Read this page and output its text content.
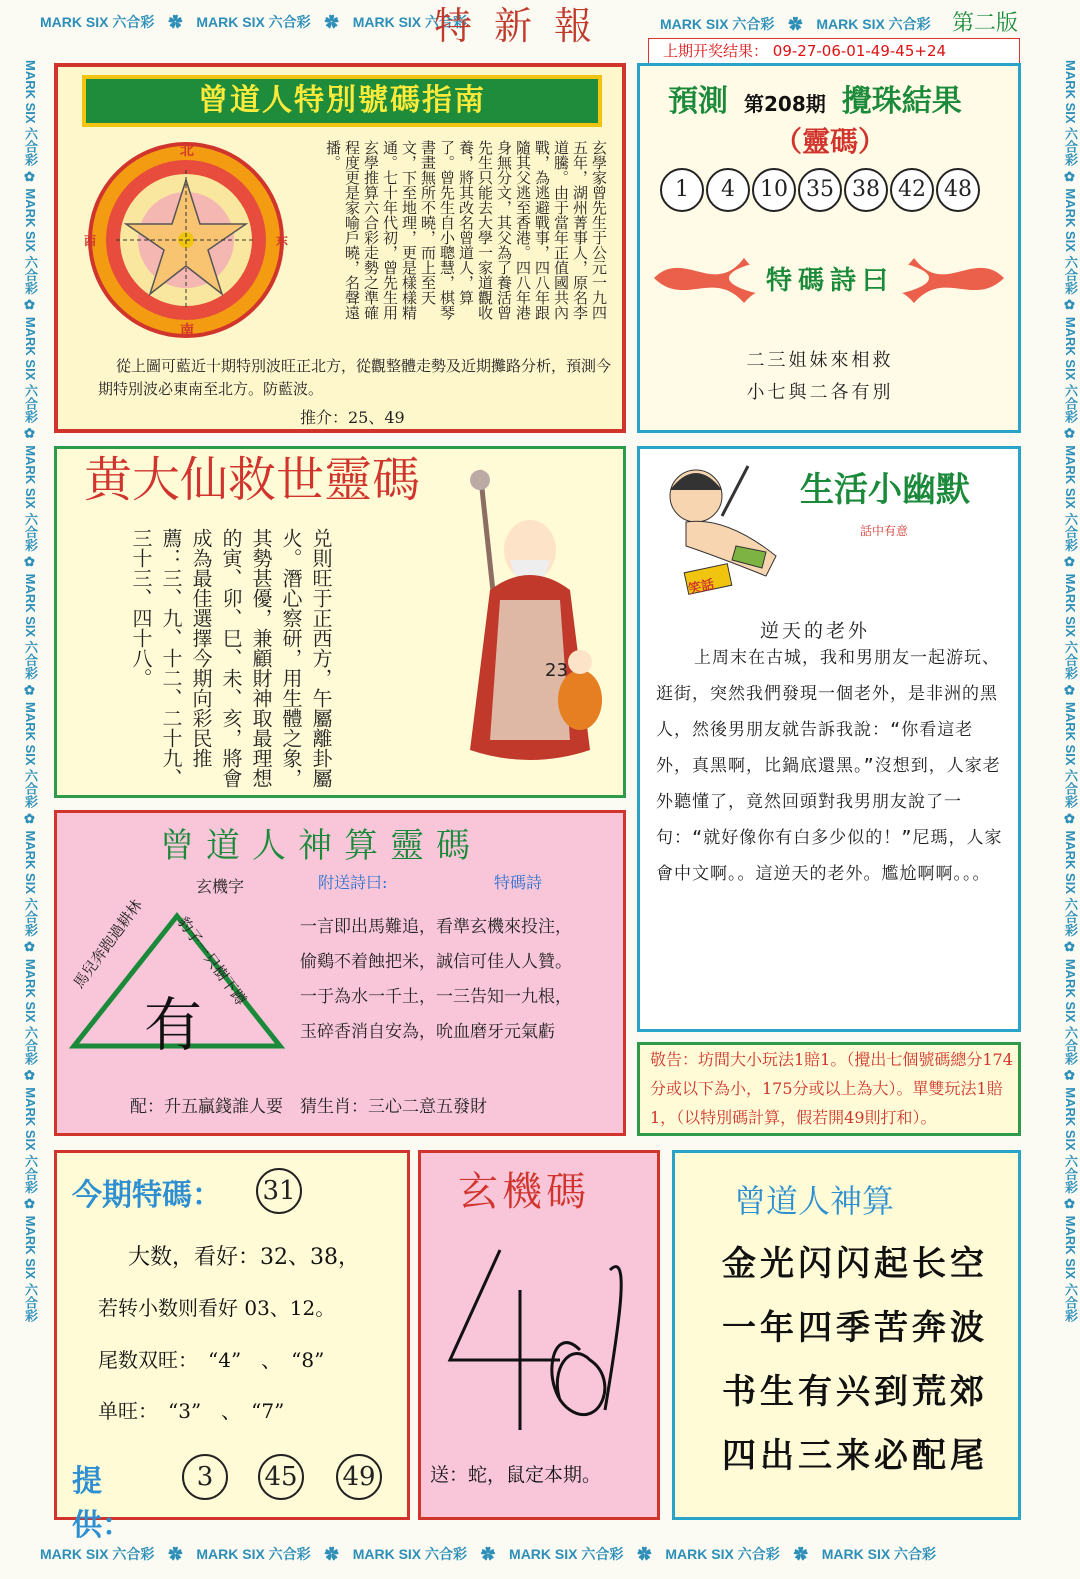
MARK SIX 六合彩　✿　MARK SIX 六合彩　✿　MARK SIX 六合彩	MARK SIX 六合彩　✿　MARK SIX 六合彩
MARK SIX 六合彩　✿　MARK SIX 六合彩　✿　MARK SIX 六合彩　✿　MARK SIX 六合彩　✿　MARK SIX 六合彩　✿　MARK SIX 六合彩
MARK SIX 六合彩 ✿ MARK SIX 六合彩 ✿ MARK SIX 六合彩 ✿ MARK SIX 六合彩 ✿ MARK SIX 六合彩 ✿ MARK SIX 六合彩 ✿ MARK SIX 六合彩 ✿ MARK SIX 六合彩 ✿ MARK SIX 六合彩 ✿ MARK SIX 六合彩
MARK SIX 六合彩 ✿ MARK SIX 六合彩 ✿ MARK SIX 六合彩 ✿ MARK SIX 六合彩 ✿ MARK SIX 六合彩 ✿ MARK SIX 六合彩 ✿ MARK SIX 六合彩 ✿ MARK SIX 六合彩 ✿ MARK SIX 六合彩 ✿ MARK SIX 六合彩
特新報	第二版
上期开奖结果： 09-27-06-01-49-45+24
曾道人特別號碼指南
北
南
东
西	玄學家曾先生于公元一九四五年，湖州菁事人，原名李道騰。由于當年正值國共內戰，為逃避戰事，四八年跟隨其父逃至香港。四八年港身無分文，其父為了養活曾先生只能去大學一家道觀收養，將其改名曾道人，算了。曾先生自小聰慧，棋琴書畫無所不曉，而上至天文，下至地理，更是樣樣精通。七十年代初，曾先生用玄學推算六合彩走勢之準確程度更是家喻戶曉，名聲遠播。
從上圖可藍近十期特別波旺正北方，從觀整體走勢及近期攤路分析，預測今期特別波必東南至北方。防藍波。
推介：25、49
預測 第208期 攪珠結果
（靈碼）
1	4	10 35 38 42 48
特碼詩曰
二三姐妹來相救
小七與二各有別
黄大仙救世靈碼
兑則旺于正西方，午屬離卦屬火。潛心察研，用生體之象，其勢甚優，兼顧財神取最理想的寅、卯、巳、未、亥，將會成為最佳選擇今期向彩民推薦：三、九、十二、二十九、三十三、四十八。	23
笑話
生活小幽默
話中有意
逆天的老外
上周末在古城，我和男朋友一起游玩、逛街，突然我們發現一個老外，是非洲的黑人，然後男朋友就告訴我說：“你看這老外，真黑啊，比鍋底還黑。”沒想到，人家老外聽懂了，竟然回頭對我男朋友說了一句：“就好像你有白多少似的！”尼瑪，人家會中文啊。。這逆天的老外。尷尬啊啊。。。
曾道人神算靈碼
玄機字	附送詩曰:	特碼詩
馬兒奔跑過耕林	豹子一只樹下蹲
有
一言即出馬難追，看準玄機來投注，
偷鷄不着蝕把米，誠信可佳人人贊。
一于為水一千土，一三告知一九根，
玉碎香消自安為，吮血磨牙元氣虧
配：升五贏錢誰人要　猜生肖：三心二意五發財
敬告：坊間大小玩法1賠1。（攪出七個號碼總分174分或以下為小，175分或以上為大）。單雙玩法1賠1，（以特別碼計算，假若開49則打和）。
今期特碼：	31
大数，看好：32、38，
若转小数则看好 03、12。
尾数双旺：　“4”　、　“8”
单旺：　“3”　、　“7”
提供：
3	45 49
玄機碼
送：蛇，鼠定本期。
曾道人神算
金光闪闪起长空
一年四季苦奔波
书生有兴到荒郊
四出三来必配尾
